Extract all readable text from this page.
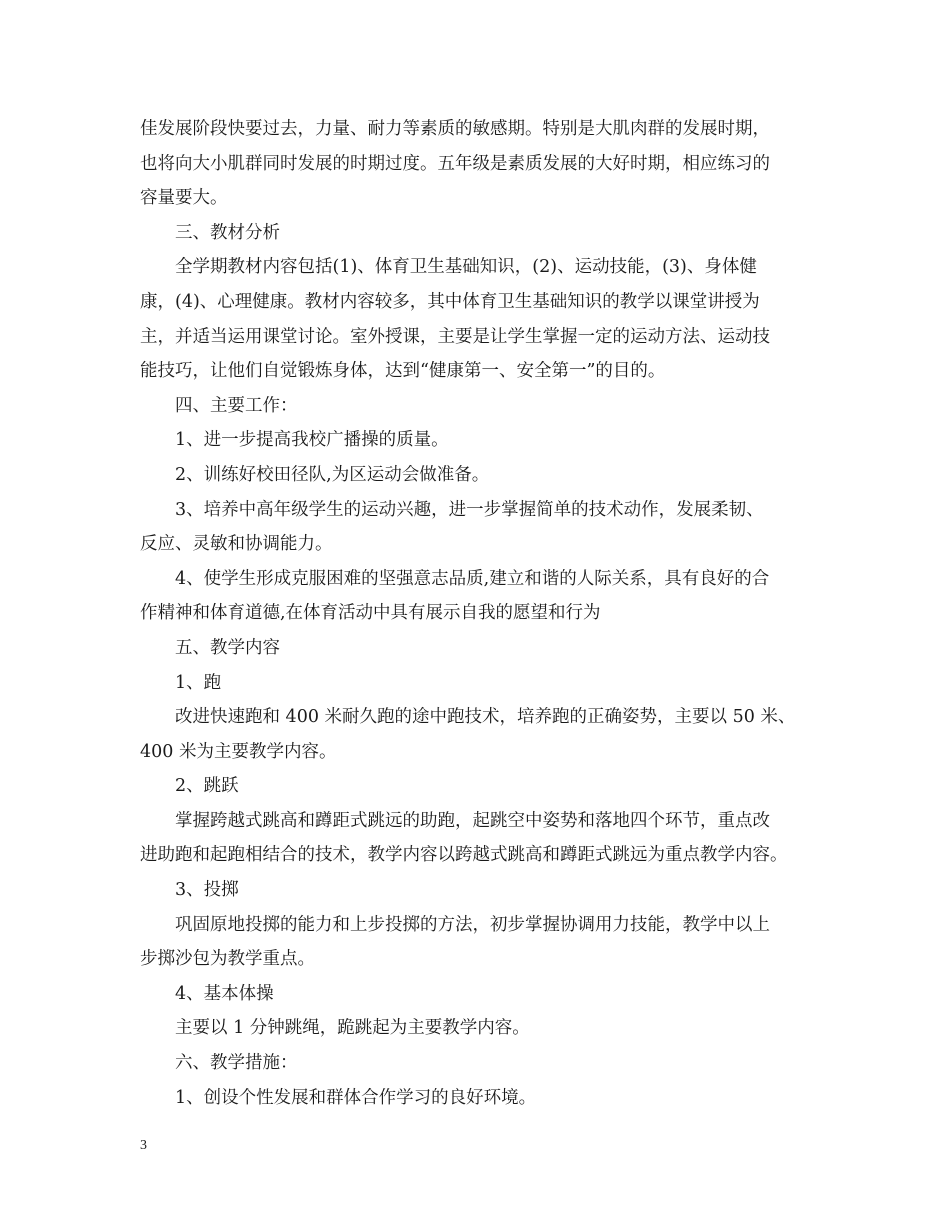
佳发展阶段快要过去，力量、耐力等素质的敏感期。特别是大肌肉群的发展时期，
也将向大小肌群同时发展的时期过度。五年级是素质发展的大好时期，相应练习的
容量要大。
三、教材分析
全学期教材内容包括(1)、体育卫生基础知识，(2)、运动技能，(3)、身体健
康，(4)、心理健康。教材内容较多，其中体育卫生基础知识的教学以课堂讲授为
主，并适当运用课堂讨论。室外授课，主要是让学生掌握一定的运动方法、运动技
能技巧，让他们自觉锻炼身体，达到“健康第一、安全第一”的目的。
四、主要工作：
1、进一步提高我校广播操的质量。
2、训练好校田径队,为区运动会做准备。
3、培养中高年级学生的运动兴趣，进一步掌握简单的技术动作，发展柔韧、
反应、灵敏和协调能力。
4、使学生形成克服困难的坚强意志品质,建立和谐的人际关系，具有良好的合
作精神和体育道德,在体育活动中具有展示自我的愿望和行为
五、教学内容
1、跑
改进快速跑和 400 米耐久跑的途中跑技术，培养跑的正确姿势，主要以 50 米、
400 米为主要教学内容。
2、跳跃
掌握跨越式跳高和蹲距式跳远的助跑，起跳空中姿势和落地四个环节，重点改
进助跑和起跑相结合的技术，教学内容以跨越式跳高和蹲距式跳远为重点教学内容。
3、投掷
巩固原地投掷的能力和上步投掷的方法，初步掌握协调用力技能，教学中以上
步掷沙包为教学重点。
4、基本体操
主要以 1 分钟跳绳，跪跳起为主要教学内容。
六、教学措施：
1、创设个性发展和群体合作学习的良好环境。
3
